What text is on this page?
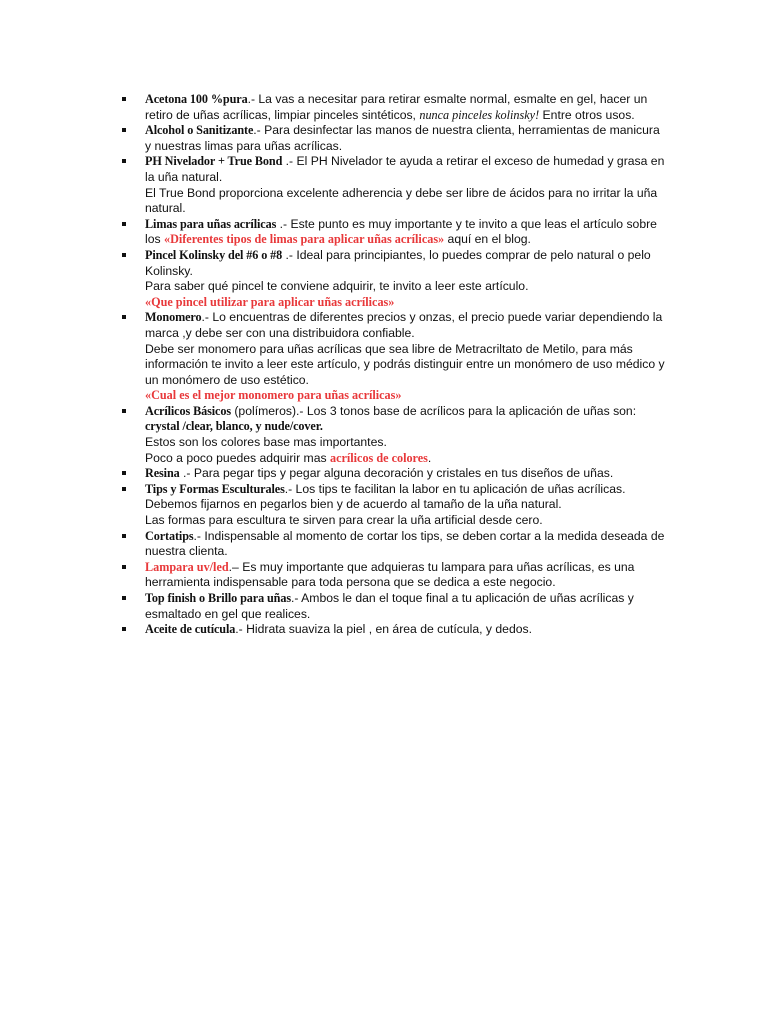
Acetona 100 %pura.- La vas a necesitar para retirar esmalte normal, esmalte en gel, hacer un retiro de uñas acrílicas, limpiar pinceles sintéticos, nunca pinceles kolinsky! Entre otros usos.
Alcohol o Sanitizante.- Para desinfectar las manos de nuestra clienta, herramientas de manicura y nuestras limas para uñas acrílicas.
PH Nivelador + True Bond .- El PH Nivelador te ayuda a retirar el exceso de humedad y grasa en la uña natural.
El True Bond proporciona excelente adherencia y debe ser libre de ácidos para no irritar la uña natural.
Limas para uñas acrílicas .- Este punto es muy importante y te invito a que leas el artículo sobre los «Diferentes tipos de limas para aplicar uñas acrílicas» aquí en el blog.
Pincel Kolinsky del #6 o #8 .- Ideal para principiantes, lo puedes comprar de pelo natural o pelo Kolinsky.
Para saber qué pincel te conviene adquirir, te invito a leer este artículo.
«Que pincel utilizar para aplicar uñas acrílicas»
Monomero.- Lo encuentras de diferentes precios y onzas, el precio puede variar dependiendo la marca ,y debe ser con una distribuidora confiable.
Debe ser monomero para uñas acrílicas que sea libre de Metracriltato de Metilo, para más información te invito a leer este artículo, y podrás distinguir entre un monómero de uso médico y un monómero de uso estético.
«Cual es el mejor monomero para uñas acrílicas»
Acrílicos Básicos (polímeros).- Los 3 tonos base de acrílicos para la aplicación de uñas son:
crystal /clear, blanco, y nude/cover.
Estos son los colores base mas importantes.
Poco a poco puedes adquirir mas acrílicos de colores.
Resina .- Para pegar tips y pegar alguna decoración y cristales en tus diseños de uñas.
Tips y Formas Esculturales.- Los tips te facilitan la labor en tu aplicación de uñas acrílicas. Debemos fijarnos en pegarlos bien y de acuerdo al tamaño de la uña natural.
Las formas para escultura te sirven para crear la uña artificial desde cero.
Cortatips.- Indispensable al momento de cortar los tips, se deben cortar a la medida deseada de nuestra clienta.
Lampara uv/led.– Es muy importante que adquieras tu lampara para uñas acrílicas, es una herramienta indispensable para toda persona que se dedica a este negocio.
Top finish o Brillo para uñas.- Ambos le dan el toque final a tu aplicación de uñas acrílicas y esmaltado en gel que realices.
Aceite de cutícula.- Hidrata suaviza la piel , en área de cutícula, y dedos.
